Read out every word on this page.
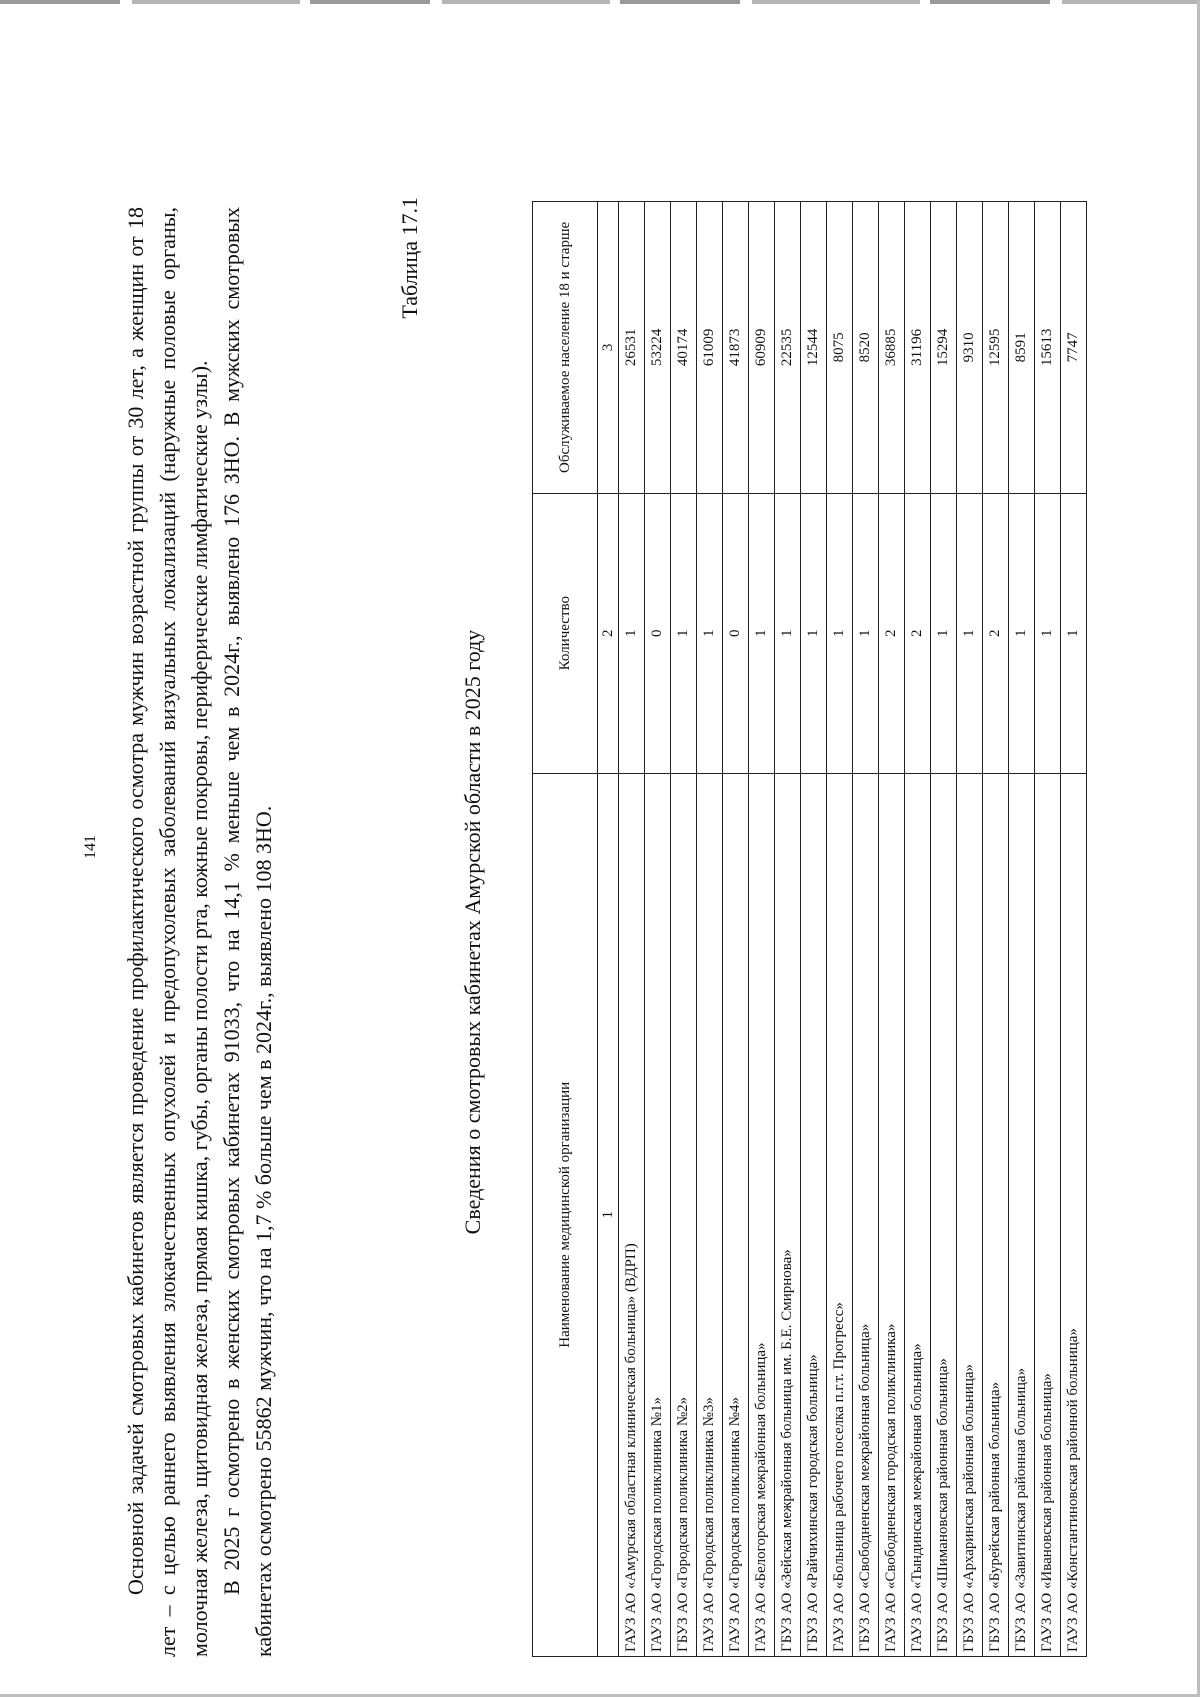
141 Основной задачей смотровых кабинетов является проведение профилактического осмотра мужчин возрастной группы от 30 лет, а женщин от 18 лет – с целью раннего выявления злокачественных опухолей и предопухолевых заболеваний визуальных локализаций (наружные половые органы, молочная железа, щитовидная железа, прямая кишка, губы, органы полости рта, кожные покровы, периферические лимфатические узлы). В 2025 г осмотрено в женских смотровых кабинетах 91033, что на 14,1 % меньше чем в 2024г., выявлено 176 ЗНО. В мужских смотровых кабинетах осмотрено 55862 мужчин, что на 1,7 % больше чем в 2024г., выявлено 108 ЗНО.

Таблица 17.1
Сведения о смотровых кабинетах Амурской области в 2025 году	Наименование медицинской организации	Количество	Обслуживаемое население 18 и старше
1	2	3
ГАУЗ АО «Амурская областная клиническая больница» (ВДРП)	1	26531
ГАУЗ АО «Городская поликлиника №1»	0	53224
ГБУЗ АО «Городская поликлиника №2»	1	40174
ГАУЗ АО «Городская поликлиника №3»	1	61009
ГАУЗ АО «Городская поликлиника №4»	0	41873
ГАУЗ АО «Белогорская межрайонная больница»	1	60909
ГБУЗ АО «Зейская межрайонная больница им. Б.Е. Смирнова»	1	22535
ГБУЗ АО «Райчихинская городская больница»	1	12544
ГАУЗ АО «Больница рабочего поселка п.г.т. Прогресс»	1	8075
ГБУЗ АО «Свободненская межрайонная больница»	1	8520
ГАУЗ АО «Свободненская городская поликлиника»	2	36885
ГАУЗ АО «Тындинская межрайонная больница»	2	31196
ГБУЗ АО «Шимановская районная больница»	1	15294
ГБУЗ АО «Архаринская районная больница»	1	9310
ГБУЗ АО «Бурейская районная больница»	2	12595
ГБУЗ АО «Завитинская районная больница»	1	8591
ГАУЗ АО «Ивановская районная больница»	1	15613
ГАУЗ АО «Константиновская районной больница»	1	7747
